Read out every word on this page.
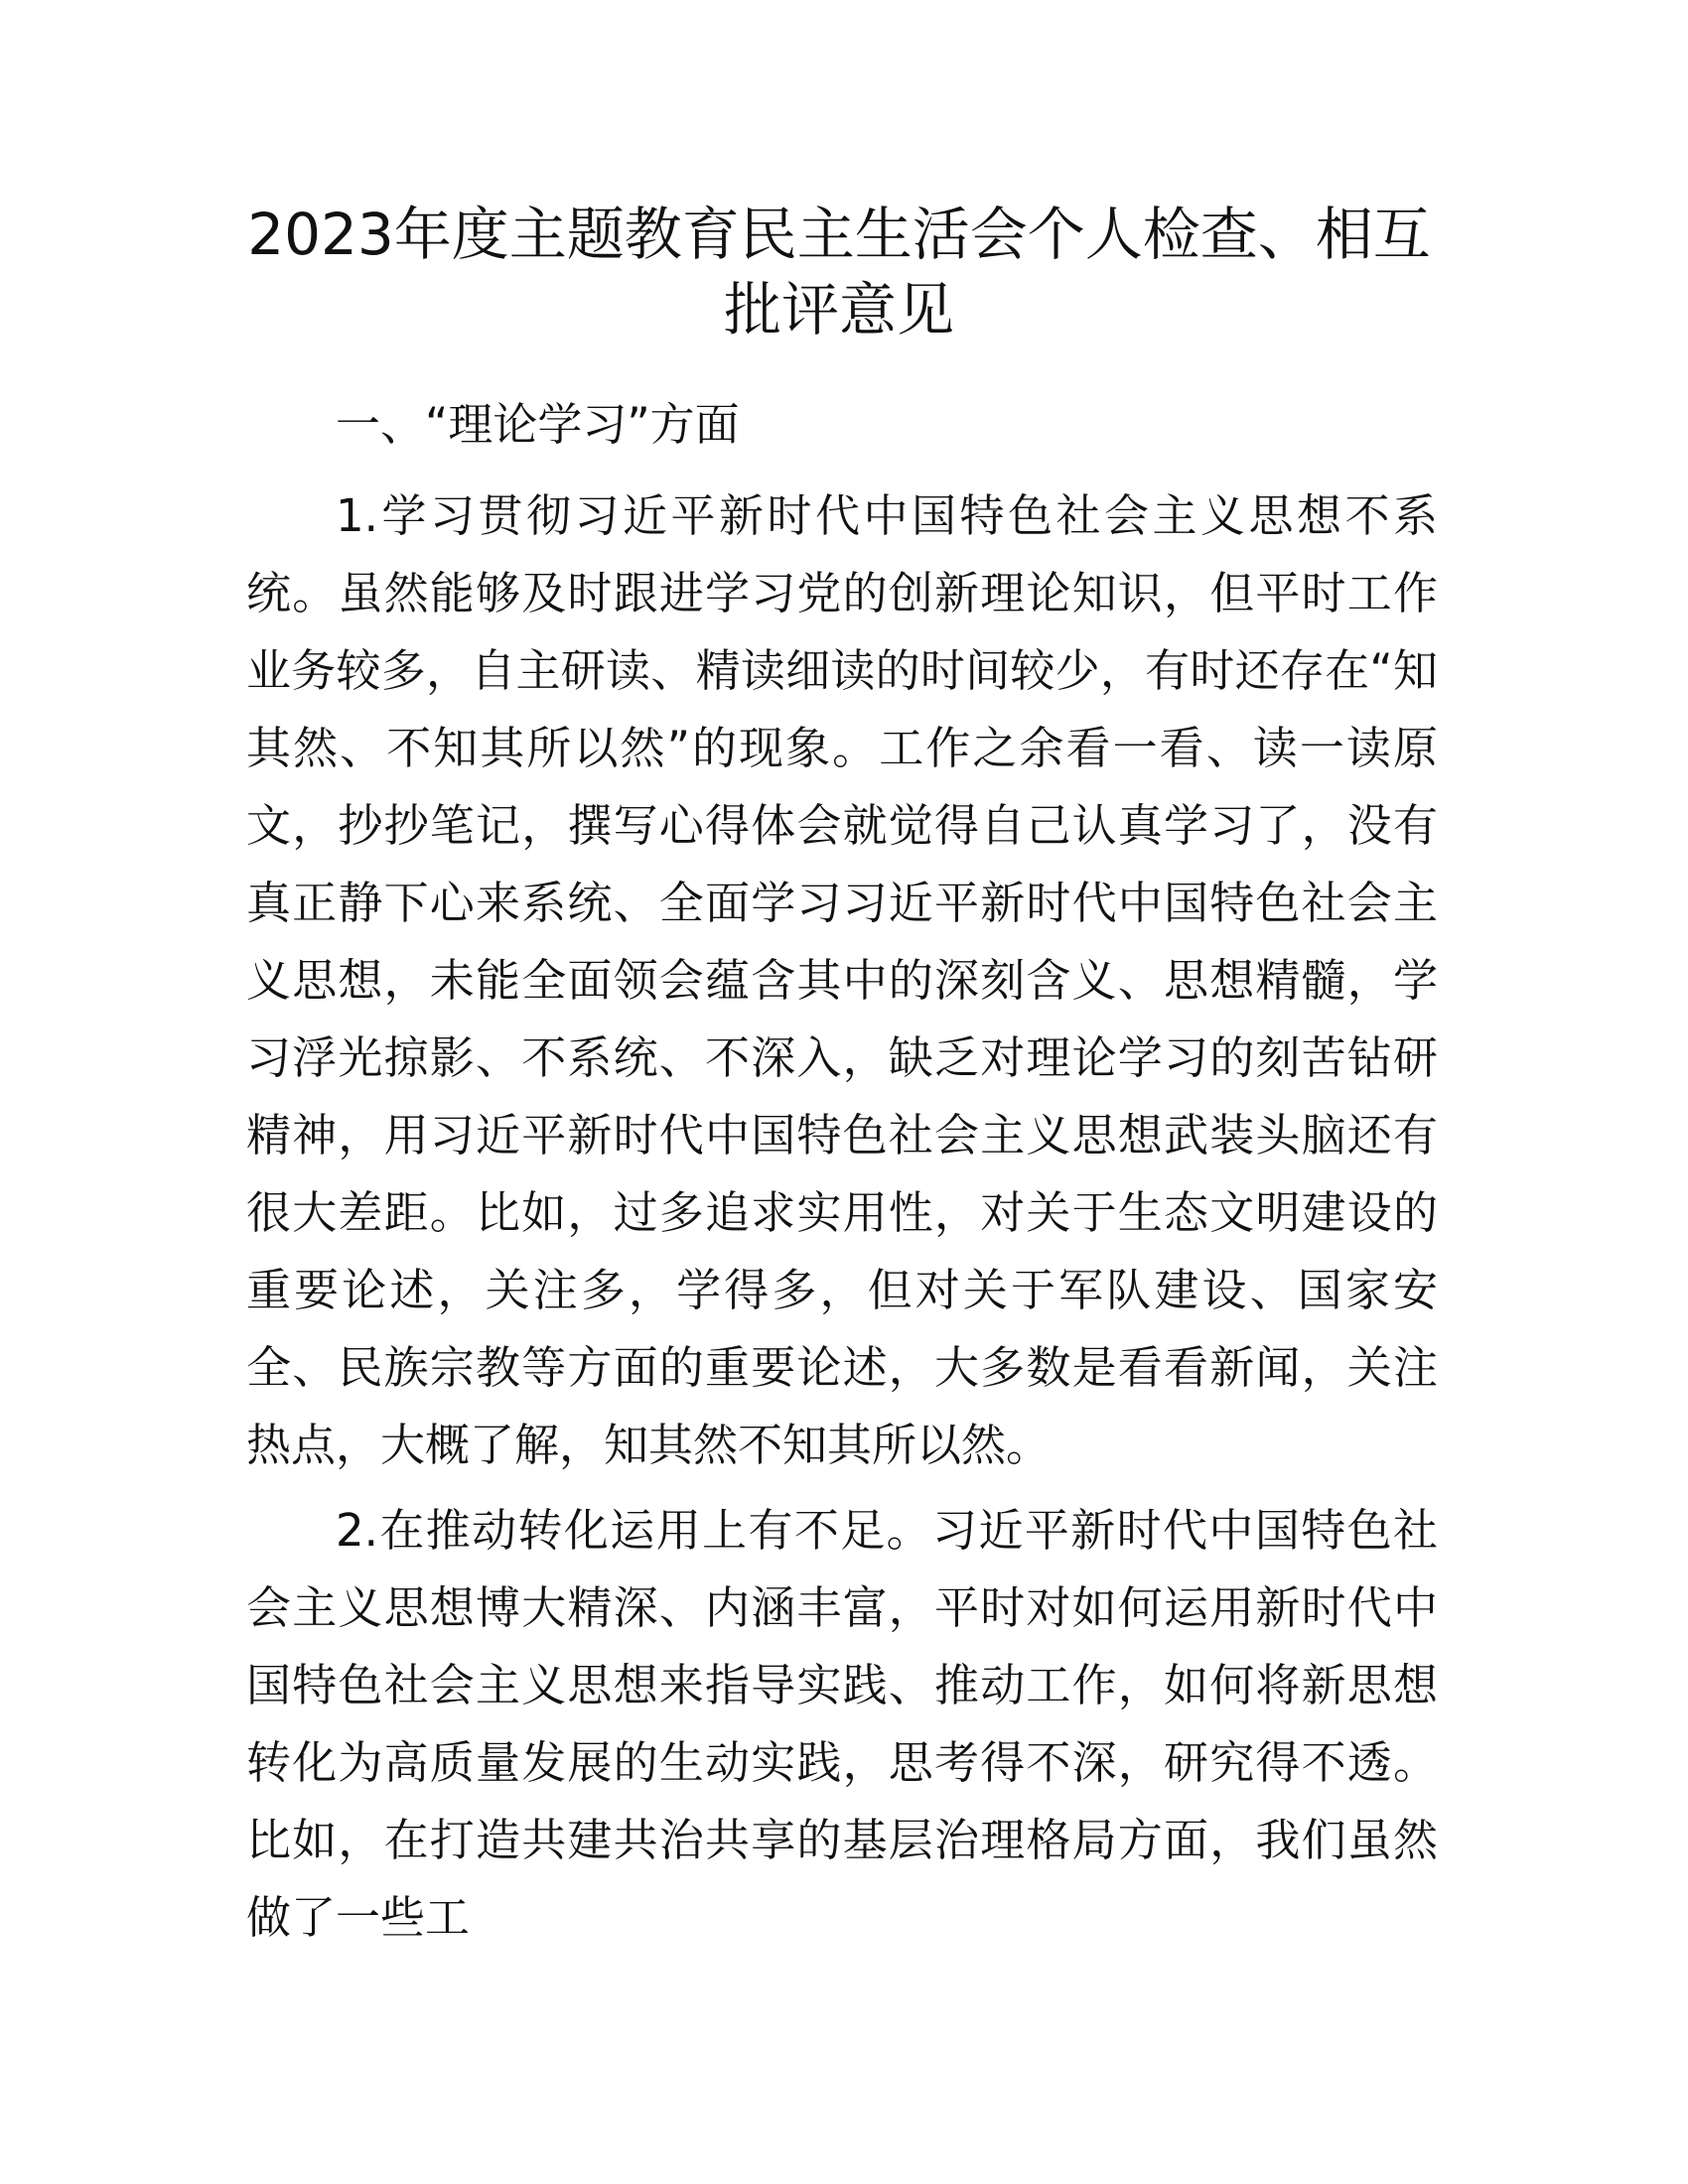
2023年度主题教育民主生活会个人检查、相互批评意见

一、“理论学习”方面

1.学习贯彻习近平新时代中国特色社会主义思想不系统。虽然能够及时跟进学习党的创新理论知识，但平时工作业务较多，自主研读、精读细读的时间较少，有时还存在“知其然、不知其所以然”的现象。工作之余看一看、读一读原文，抄抄笔记，撰写心得体会就觉得自己认真学习了，没有真正静下心来系统、全面学习习近平新时代中国特色社会主义思想，未能全面领会蕴含其中的深刻含义、思想精髓，学习浮光掠影、不系统、不深入，缺乏对理论学习的刻苦钻研精神，用习近平新时代中国特色社会主义思想武装头脑还有很大差距。比如，过多追求实用性，对关于生态文明建设的重要论述，关注多，学得多，但对关于军队建设、国家安全、民族宗教等方面的重要论述，大多数是看看新闻，关注热点，大概了解，知其然不知其所以然。

2.在推动转化运用上有不足。习近平新时代中国特色社会主义思想博大精深、内涵丰富，平时对如何运用新时代中国特色社会主义思想来指导实践、推动工作，如何将新思想转化为高质量发展的生动实践，思考得不深，研究得不透。比如，在打造共建共治共享的基层治理格局方面，我们虽然做了一些工
